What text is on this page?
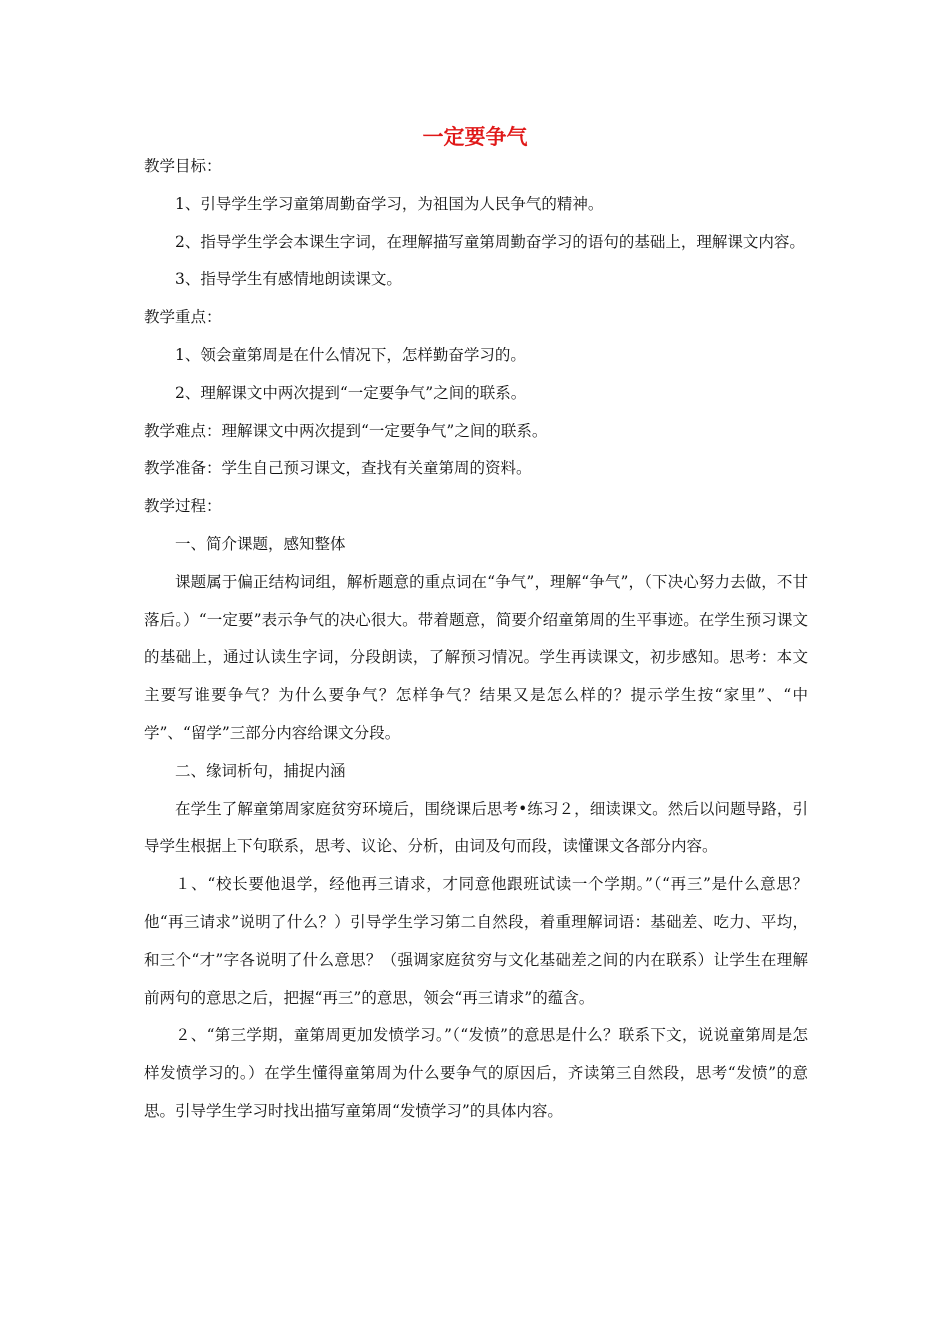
一定要争气

教学目标：

1、引导学生学习童第周勤奋学习，为祖国为人民争气的精神。

2、指导学生学会本课生字词，在理解描写童第周勤奋学习的语句的基础上，理解课文内容。

3、指导学生有感情地朗读课文。

教学重点：

1、领会童第周是在什么情况下，怎样勤奋学习的。

2、理解课文中两次提到“一定要争气”之间的联系。

教学难点：理解课文中两次提到“一定要争气”之间的联系。

教学准备：学生自己预习课文，查找有关童第周的资料。

教学过程：

一、简介课题，感知整体

课题属于偏正结构词组，解析题意的重点词在“争气”，理解“争气”，（下决心努力去做，不甘落后。）“一定要”表示争气的决心很大。带着题意，简要介绍童第周的生平事迹。在学生预习课文的基础上，通过认读生字词，分段朗读，了解预习情况。学生再读课文，初步感知。思考：本文主要写谁要争气？为什么要争气？怎样争气？结果又是怎么样的？提示学生按“家里”、“中学”、“留学”三部分内容给课文分段。

二、缘词析句，捕捉内涵

在学生了解童第周家庭贫穷环境后，围绕课后思考•练习２，细读课文。然后以问题导路，引导学生根据上下句联系，思考、议论、分析，由词及句而段，读懂课文各部分内容。

１、“校长要他退学，经他再三请求，才同意他跟班试读一个学期。”（“再三”是什么意思？他“再三请求”说明了什么？）引导学生学习第二自然段，着重理解词语：基础差、吃力、平均，和三个“才”字各说明了什么意思？（强调家庭贫穷与文化基础差之间的内在联系）让学生在理解前两句的意思之后，把握“再三”的意思，领会“再三请求”的蕴含。

２、“第三学期，童第周更加发愤学习。”（“发愤”的意思是什么？联系下文，说说童第周是怎样发愤学习的。）在学生懂得童第周为什么要争气的原因后，齐读第三自然段，思考“发愤”的意思。引导学生学习时找出描写童第周“发愤学习”的具体内容。
